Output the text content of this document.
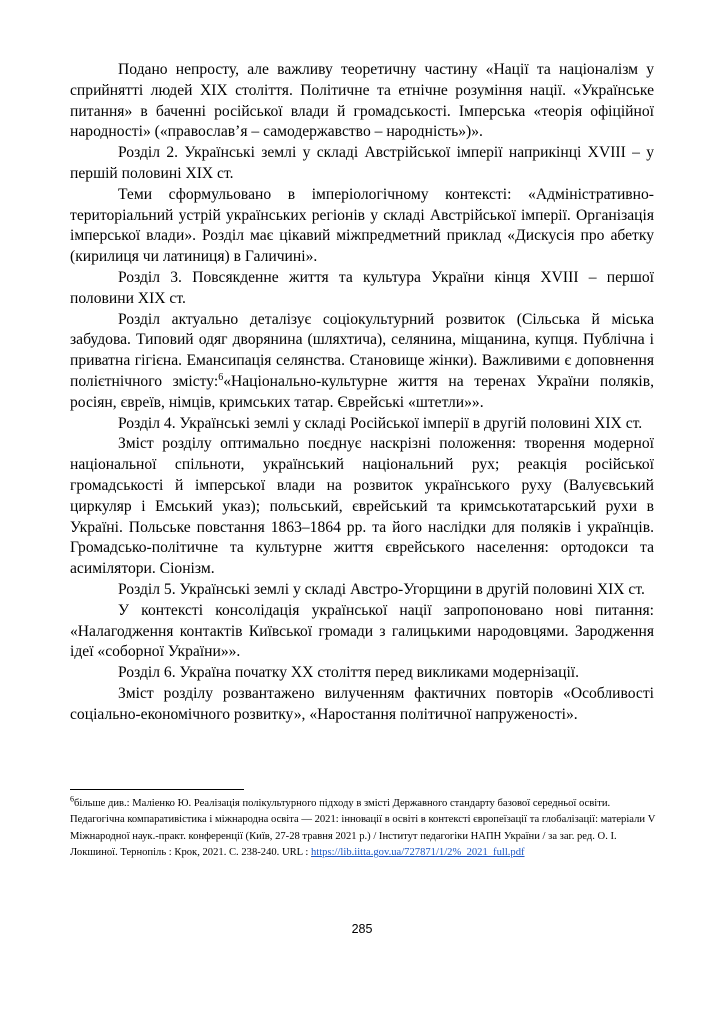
Подано непросту, але важливу теоретичну частину «Нації та націоналізм у сприйнятті людей XIX століття. Політичне та етнічне розуміння нації. «Українське питання» в баченні російської влади й громадськості. Імперська «теорія офіційної народності» («православ’я – самодержавство – народність»)».

Розділ 2. Українські землі у складі Австрійської імперії наприкінці XVIII – у першій половині XIX ст.

Теми сформульовано в імперіологічному контексті: «Адміністративно-територіальний устрій українських регіонів у складі Австрійської імперії. Організація імперської влади». Розділ має цікавий міжпредметний приклад «Дискусія про абетку (кирилиця чи латиниця) в Галичині».

Розділ 3. Повсякденне життя та культура України кінця XVIII – першої половини XIX ст.

Розділ актуально деталізує соціокультурний розвиток (Сільська й міська забудова. Типовий одяг дворянина (шляхтича), селянина, міщанина, купця. Публічна і приватна гігієна. Емансипація селянства. Становище жінки). Важливими є доповнення полієтнічного змісту:$^6$«Національно-культурне життя на теренах України поляків, росіян, євреїв, німців, кримських татар. Єврейські «штетли»».

Розділ 4. Українські землі у складі Російської імперії в другій половині XIX ст.

Зміст розділу оптимально поєднує наскрізні положення: творення модерної національної спільноти, український національний рух; реакція російської громадськості й імперської влади на розвиток українського руху (Валуєвський циркуляр і Емський указ); польський, єврейський та кримськотатарський рухи в Україні. Польське повстання 1863–1864 рр. та його наслідки для поляків і українців. Громадсько-політичне та культурне життя єврейського населення: ортодокси та асимілятори. Сіонізм.

Розділ 5. Українські землі у складі Австро-Угорщини в другій половині XIX ст.

У контексті консолідація української нації запропоновано нові питання: «Налагодження контактів Київської громади з галицькими народовцями. Зародження ідеї «соборної України»».

Розділ 6. Україна початку XX століття перед викликами модернізації.

Зміст розділу розвантажено вилученням фактичних повторів «Особливості соціально-економічного розвитку», «Наростання політичної напруженості».

$^6$більше див.: Маліенко Ю. Реалізація полікультурного підходу в змісті Державного стандарту базової середньої освіти. Педагогічна компаративістика і міжнародна освіта — 2021: інновації в освіті в контексті європеїзації та глобалізації: матеріали V Міжнародної наук.-практ. конференції (Київ, 27-28 травня 2021 р.) / Інститут педагогіки НАПН України / за заг. ред. О. І. Локшиної. Тернопіль : Крок, 2021. С. 238-240. URL : https://lib.iitta.gov.ua/727871/1/2%_2021_full.pdf
285
